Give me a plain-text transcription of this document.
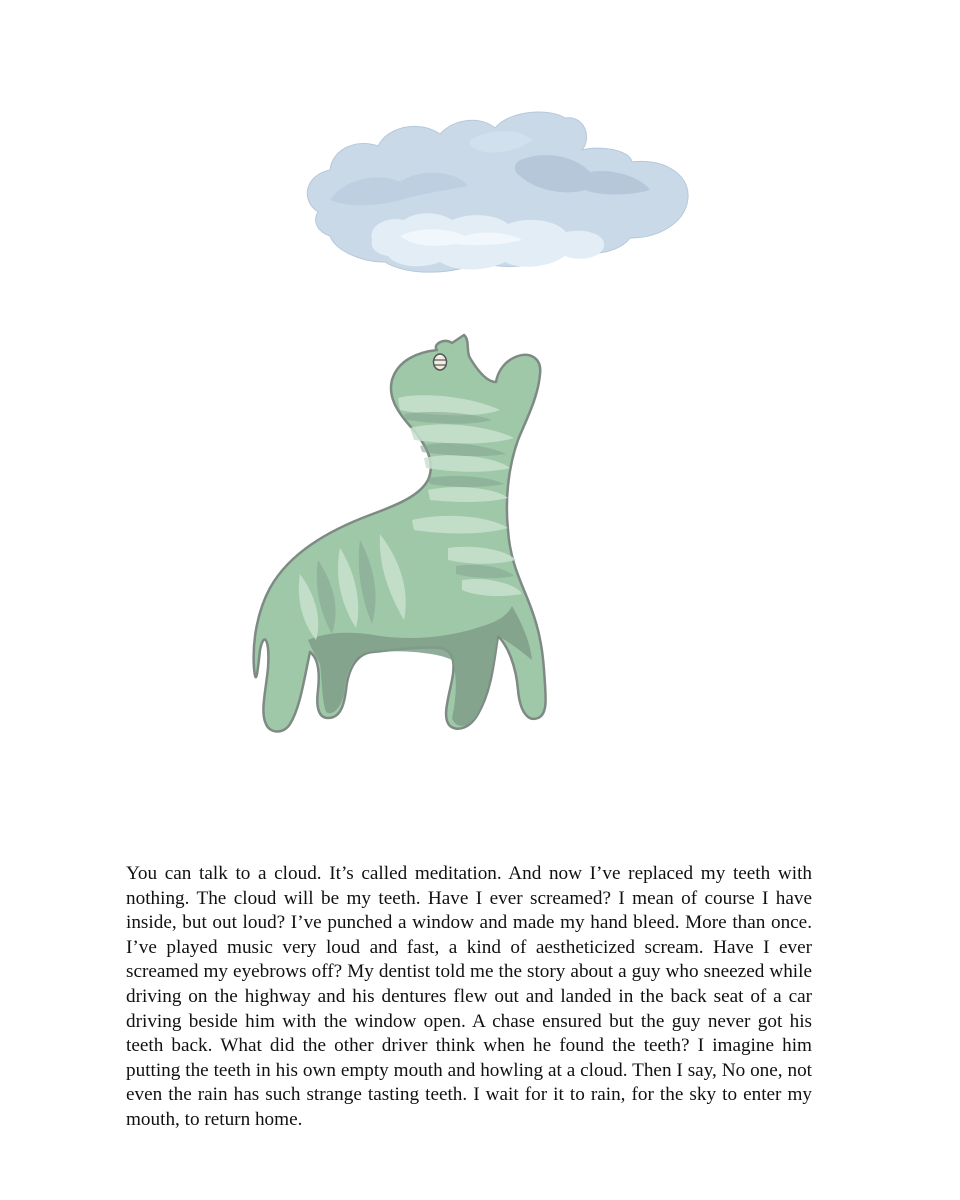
You can talk to a cloud. It’s called meditation. And now I’ve replaced my teeth with nothing. The cloud will be my teeth. Have I ever screamed? I mean of course I have inside, but out loud? I’ve punched a window and made my hand bleed. More than once. I’ve played music very loud and fast, a kind of aestheticized scream. Have I ever screamed my eyebrows off? My dentist told me the story about a guy who sneezed while driving on the highway and his dentures flew out and landed in the back seat of a car driving beside him with the window open. A chase ensured but the guy never got his teeth back. What did the other driver think when he found the teeth? I imagine him putting the teeth in his own empty mouth and howling at a cloud. Then I say, No one, not even the rain has such strange tasting teeth. I wait for it to rain, for the sky to enter my mouth, to return home.
